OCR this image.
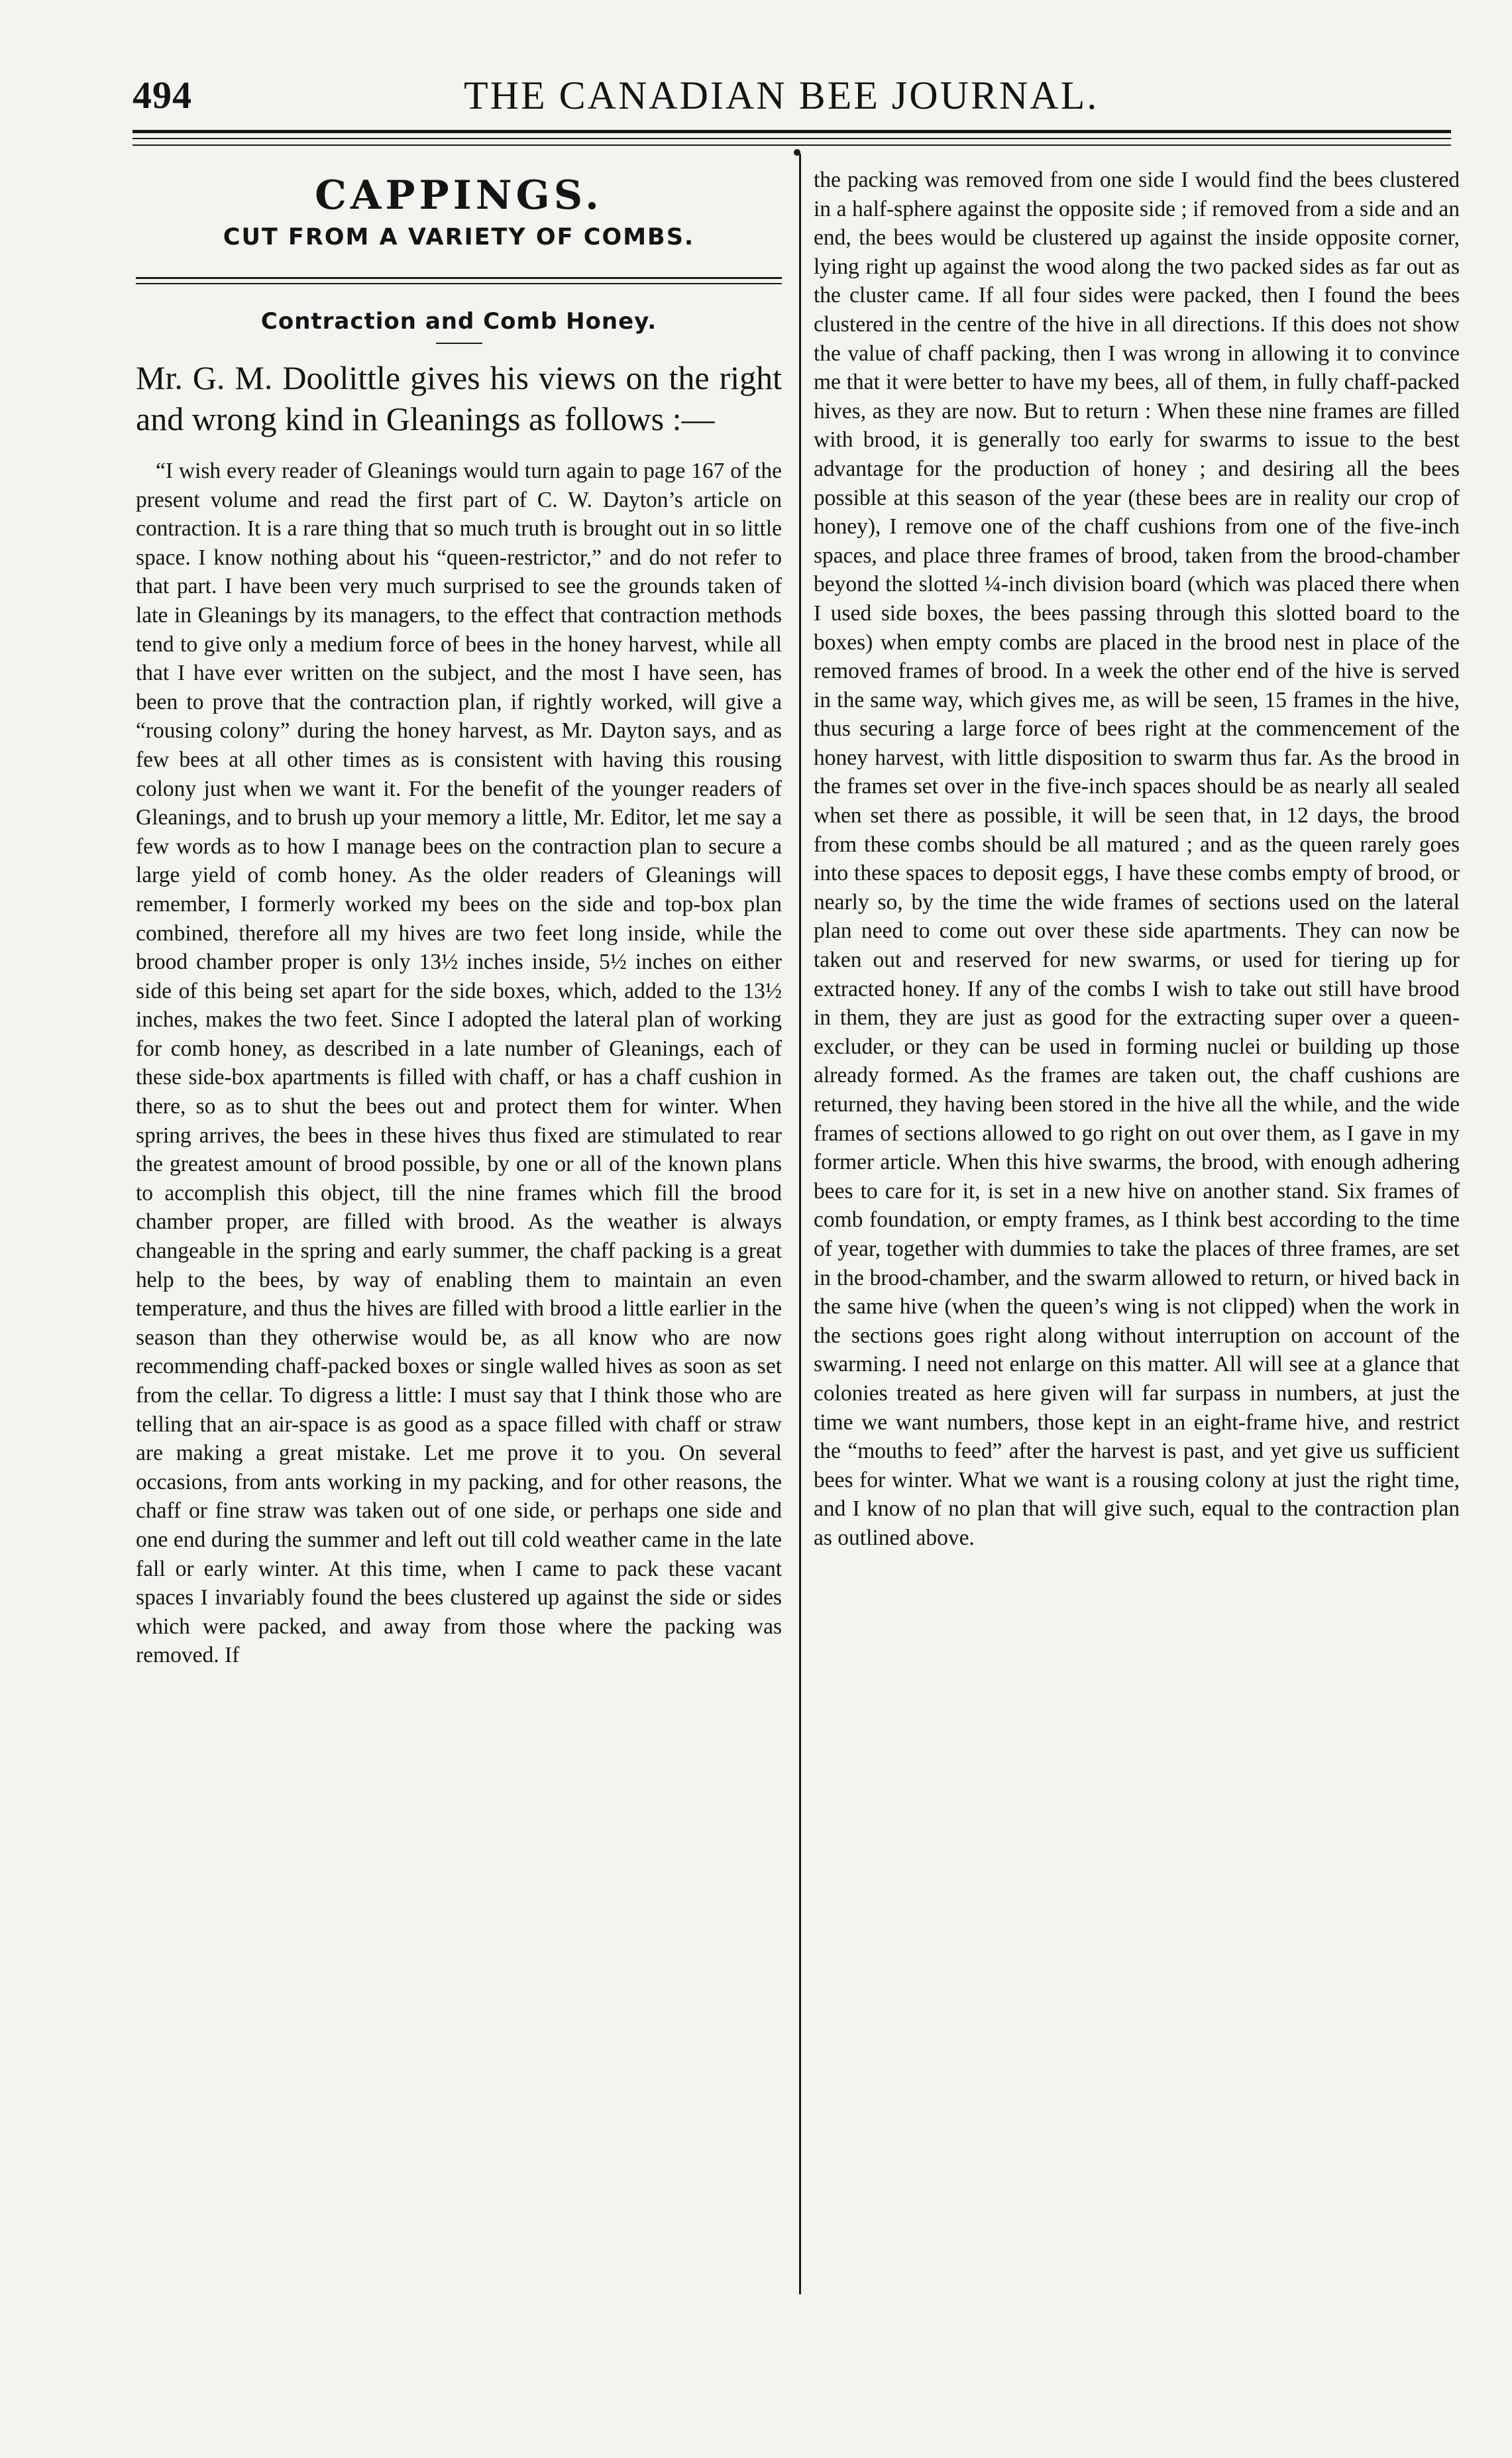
494	THE CANADIAN BEE JOURNAL.
CAPPINGS.
CUT FROM A VARIETY OF COMBS.
Contraction and Comb Honey.

Mr. G. M. Doolittle gives his views on the right and wrong kind in Gleanings as follows :—

“I wish every reader of Gleanings would turn again to page 167 of the present volume and read the first part of C. W. Dayton’s article on contraction. It is a rare thing that so much truth is brought out in so little space. I know nothing about his “queen-restrictor,” and do not refer to that part. I have been very much surprised to see the grounds taken of late in Gleanings by its managers, to the effect that contraction methods tend to give only a medium force of bees in the honey harvest, while all that I have ever written on the subject, and the most I have seen, has been to prove that the contraction plan, if rightly worked, will give a “rousing colony” during the honey harvest, as Mr. Dayton says, and as few bees at all other times as is consistent with having this rousing colony just when we want it. For the benefit of the younger readers of Gleanings, and to brush up your memory a little, Mr. Editor, let me say a few words as to how I manage bees on the contraction plan to secure a large yield of comb honey. As the older readers of Gleanings will remember, I formerly worked my bees on the side and top-box plan combined, therefore all my hives are two feet long inside, while the brood chamber proper is only 13½ inches inside, 5½ inches on either side of this being set apart for the side boxes, which, added to the 13½ inches, makes the two feet. Since I adopted the lateral plan of working for comb honey, as described in a late number of Gleanings, each of these side-box apartments is filled with chaff, or has a chaff cushion in there, so as to shut the bees out and protect them for winter. When spring arrives, the bees in these hives thus fixed are stimulated to rear the greatest amount of brood possible, by one or all of the known plans to accomplish this object, till the nine frames which fill the brood chamber proper, are filled with brood. As the weather is always changeable in the spring and early summer, the chaff packing is a great help to the bees, by way of enabling them to maintain an even temperature, and thus the hives are filled with brood a little earlier in the season than they otherwise would be, as all know who are now recommending chaff-packed boxes or single walled hives as soon as set from the cellar. To digress a little: I must say that I think those who are telling that an air-space is as good as a space filled with chaff or straw are making a great mistake. Let me prove it to you. On several occasions, from ants working in my packing, and for other reasons, the chaff or fine straw was taken out of one side, or perhaps one side and one end during the summer and left out till cold weather came in the late fall or early winter. At this time, when I came to pack these vacant spaces I invariably found the bees clustered up against the side or sides which were packed, and away from those where the packing was removed. If

the packing was removed from one side I would find the bees clustered in a half-sphere against the opposite side ; if removed from a side and an end, the bees would be clustered up against the inside opposite corner, lying right up against the wood along the two packed sides as far out as the cluster came. If all four sides were packed, then I found the bees clustered in the centre of the hive in all directions. If this does not show the value of chaff packing, then I was wrong in allowing it to convince me that it were better to have my bees, all of them, in fully chaff-packed hives, as they are now. But to return : When these nine frames are filled with brood, it is generally too early for swarms to issue to the best advantage for the production of honey ; and desiring all the bees possible at this season of the year (these bees are in reality our crop of honey), I remove one of the chaff cushions from one of the five-inch spaces, and place three frames of brood, taken from the brood-chamber beyond the slotted ¼-inch division board (which was placed there when I used side boxes, the bees passing through this slotted board to the boxes) when empty combs are placed in the brood nest in place of the removed frames of brood. In a week the other end of the hive is served in the same way, which gives me, as will be seen, 15 frames in the hive, thus securing a large force of bees right at the commencement of the honey harvest, with little disposition to swarm thus far. As the brood in the frames set over in the five-inch spaces should be as nearly all sealed when set there as possible, it will be seen that, in 12 days, the brood from these combs should be all matured ; and as the queen rarely goes into these spaces to deposit eggs, I have these combs empty of brood, or nearly so, by the time the wide frames of sections used on the lateral plan need to come out over these side apartments. They can now be taken out and reserved for new swarms, or used for tiering up for extracted honey. If any of the combs I wish to take out still have brood in them, they are just as good for the extracting super over a queen-excluder, or they can be used in forming nuclei or building up those already formed. As the frames are taken out, the chaff cushions are returned, they having been stored in the hive all the while, and the wide frames of sections allowed to go right on out over them, as I gave in my former article. When this hive swarms, the brood, with enough adhering bees to care for it, is set in a new hive on another stand. Six frames of comb foundation, or empty frames, as I think best according to the time of year, together with dummies to take the places of three frames, are set in the brood-chamber, and the swarm allowed to return, or hived back in the same hive (when the queen’s wing is not clipped) when the work in the sections goes right along without interruption on account of the swarming. I need not enlarge on this matter. All will see at a glance that colonies treated as here given will far surpass in numbers, at just the time we want numbers, those kept in an eight-frame hive, and restrict the “mouths to feed” after the harvest is past, and yet give us sufficient bees for winter. What we want is a rousing colony at just the right time, and I know of no plan that will give such, equal to the contraction plan as outlined above.
